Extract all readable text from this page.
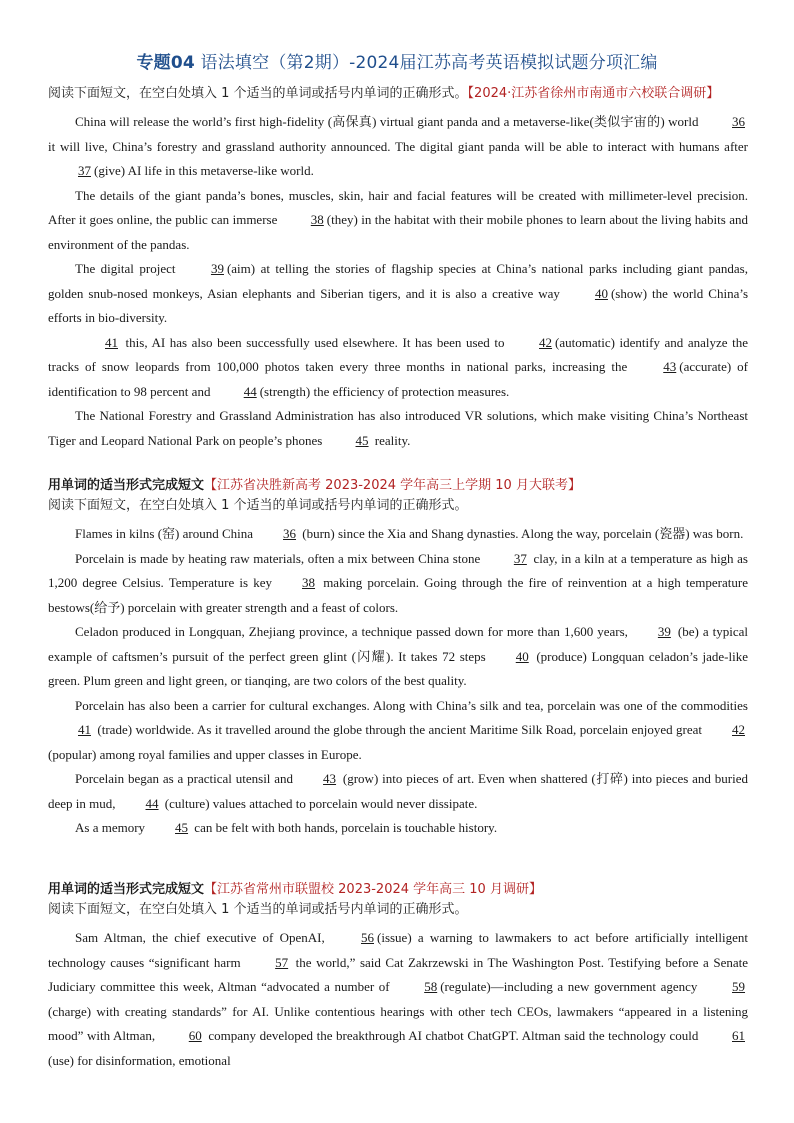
专题04 语法填空（第2期）-2024届江苏高考英语模拟试题分项汇编
阅读下面短文，在空白处填入 1 个适当的单词或括号内单词的正确形式。【2024·江苏省徐州市南通市六校联合调研】

China will release the world’s first high-fidelity (高保真) virtual giant panda and a metaverse-like(类似宇宙的) world 36 it will live, China’s forestry and grassland authority announced. The digital giant panda will be able to interact with humans after 37 (give) AI life in this metaverse-like world.

The details of the giant panda’s bones, muscles, skin, hair and facial features will be created with millimeter-level precision. After it goes online, the public can immerse 38 (they) in the habitat with their mobile phones to learn about the living habits and environment of the pandas.

The digital project 39 (aim) at telling the stories of flagship species at China’s national parks including giant pandas, golden snub-nosed monkeys, Asian elephants and Siberian tigers, and it is also a creative way 40 (show) the world China’s efforts in bio-diversity.

41 this, AI has also been successfully used elsewhere. It has been used to 42 (automatic) identify and analyze the tracks of snow leopards from 100,000 photos taken every three months in national parks, increasing the 43 (accurate) of identification to 98 percent and 44 (strength) the efficiency of protection measures.

The National Forestry and Grassland Administration has also introduced VR solutions, which make visiting China’s Northeast Tiger and Leopard National Park on people’s phones 45 reality.

用单词的适当形式完成短文【江苏省决胜新高考 2023-2024 学年高三上学期 10 月大联考】
阅读下面短文，在空白处填入 1 个适当的单词或括号内单词的正确形式。

Flames in kilns (窑) around China 36 (burn) since the Xia and Shang dynasties. Along the way, porcelain (瓷器) was born.

Porcelain is made by heating raw materials, often a mix between China stone 37 clay, in a kiln at a temperature as high as 1,200 degree Celsius. Temperature is key 38 making porcelain. Going through the fire of reinvention at a high temperature bestows(给予) porcelain with greater strength and a feast of colors.

Celadon produced in Longquan, Zhejiang province, a technique passed down for more than 1,600 years, 39 (be) a typical example of caftsmen’s pursuit of the perfect green glint (闪耀). It takes 72 steps 40 (produce) Longquan celadon’s jade-like green. Plum green and light green, or tianqing, are two colors of the best quality.

Porcelain has also been a carrier for cultural exchanges. Along with China’s silk and tea, porcelain was one of the commodities41 (trade) worldwide. As it travelled around the globe through the ancient Maritime Silk Road, porcelain enjoyed great 42 (popular) among royal families and upper classes in Europe.

Porcelain began as a practical utensil and 43 (grow) into pieces of art. Even when shattered (打碎) into pieces and buried deep in mud, 44 (culture) values attached to porcelain would never dissipate.

As a memory 45 can be felt with both hands, porcelain is touchable history.

用单词的适当形式完成短文【江苏省常州市联盟校 2023-2024 学年高三 10 月调研】
阅读下面短文，在空白处填入 1 个适当的单词或括号内单词的正确形式。

Sam Altman, the chief executive of OpenAI, 56 (issue) a warning to lawmakers to act before artificially intelligent technology causes “significant harm 57 the world,” said Cat Zakrzewski in The Washington Post. Testifying before a Senate Judiciary committee this week, Altman “advocated a number of 58 (regulate)—including a new government agency 59(charge) with creating standards” for AI. Unlike contentious hearings with other tech CEOs, lawmakers “appeared in a listening mood” with Altman, 60 company developed the breakthrough AI chatbot ChatGPT. Altman said the technology could 61(use) for disinformation, emotional
